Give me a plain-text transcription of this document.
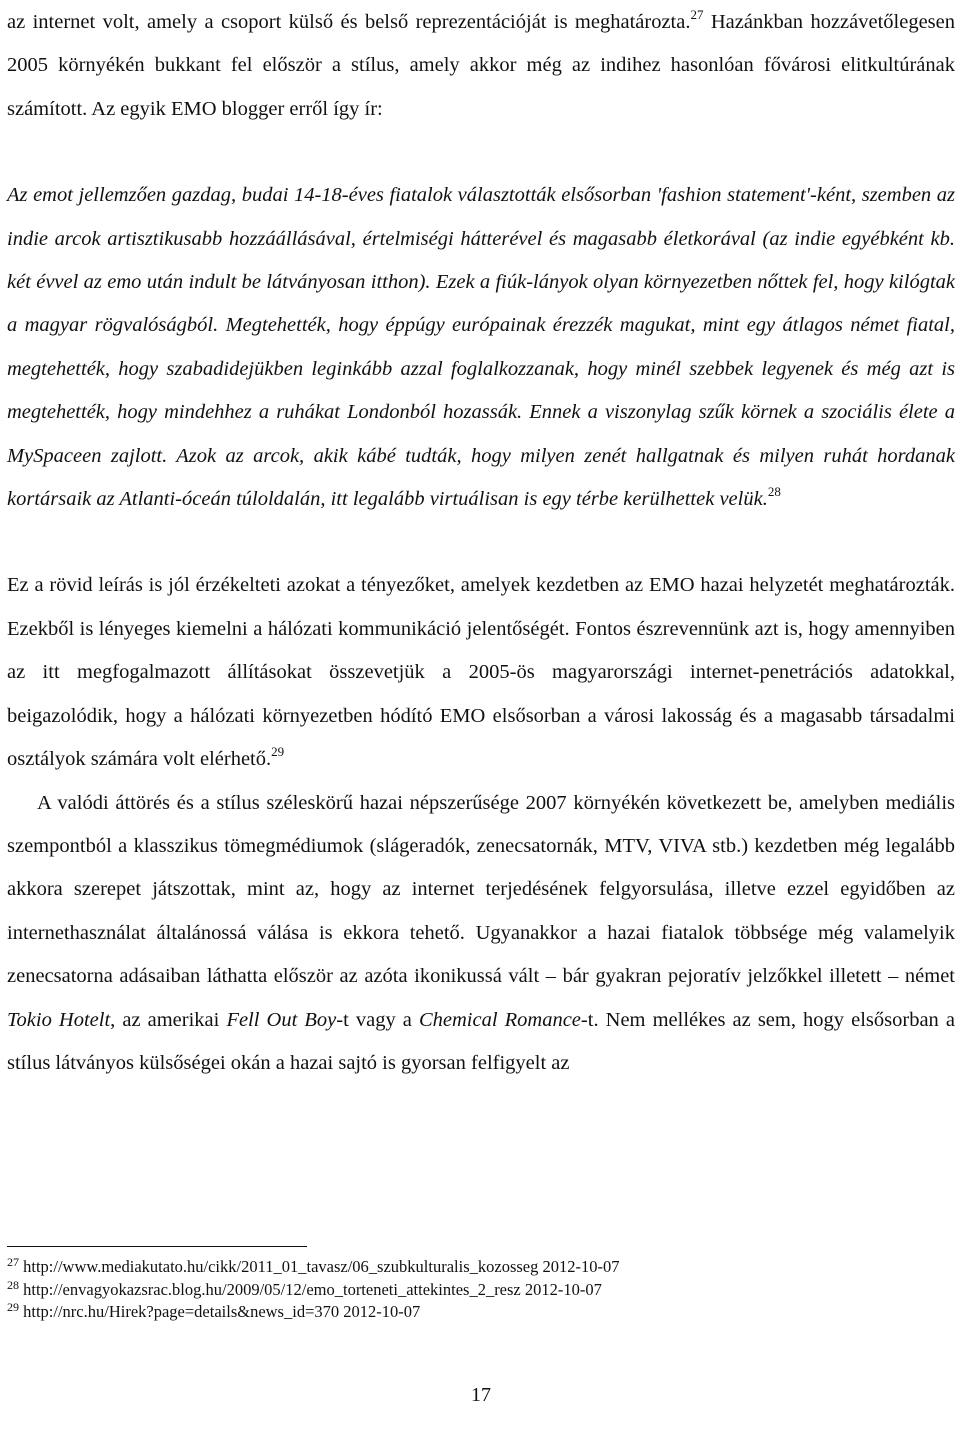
az internet volt, amely a csoport külső és belső reprezentációját is meghatározta.$^{27}$ Hazánkban hozzávetőlegesen 2005 környékén bukkant fel először a stílus, amely akkor még az indihez hasonlóan fővárosi elitkultúrának számított. Az egyik EMO blogger erről így ír:

Az emot jellemzően gazdag, budai 14-18-éves fiatalok választották elsősorban 'fashion statement'-ként, szemben az indie arcok artisztikusabb hozzáállásával, értelmiségi hátterével és magasabb életkorával (az indie egyébként kb. két évvel az emo után indult be látványosan itthon). Ezek a fiúk-lányok olyan környezetben nőttek fel, hogy kilógtak a magyar rögvalóságból. Megtehették, hogy éppúgy európainak érezzék magukat, mint egy átlagos német fiatal, megtehették, hogy szabadidejükben leginkább azzal foglalkozzanak, hogy minél szebbek legyenek és még azt is megtehették, hogy mindehhez a ruhákat Londonból hozassák. Ennek a viszonylag szűk körnek a szociális élete a MySpaceen zajlott. Azok az arcok, akik kábé tudták, hogy milyen zenét hallgatnak és milyen ruhát hordanak kortársaik az Atlanti-óceán túloldalán, itt legalább virtuálisan is egy térbe kerülhettek velük.$^{28}$

Ez a rövid leírás is jól érzékelteti azokat a tényezőket, amelyek kezdetben az EMO hazai helyzetét meghatározták. Ezekből is lényeges kiemelni a hálózati kommunikáció jelentőségét. Fontos észrevennünk azt is, hogy amennyiben az itt megfogalmazott állításokat összevetjük a 2005-ös magyarországi internet-penetrációs adatokkal, beigazolódik, hogy a hálózati környezetben hódító EMO elsősorban a városi lakosság és a magasabb társadalmi osztályok számára volt elérhető.$^{29}$

A valódi áttörés és a stílus széleskörű hazai népszerűsége 2007 környékén következett be, amelyben mediális szempontból a klasszikus tömegmédiumok (slágeradók, zenecsatornák, MTV, VIVA stb.) kezdetben még legalább akkora szerepet játszottak, mint az, hogy az internet terjedésének felgyorsulása, illetve ezzel egyidőben az internethasználat általánossá válása is ekkora tehető. Ugyanakkor a hazai fiatalok többsége még valamelyik zenecsatorna adásaiban láthatta először az azóta ikonikussá vált – bár gyakran pejoratív jelzőkkel illetett – német Tokio Hotelt, az amerikai Fell Out Boy-t vagy a Chemical Romance-t. Nem mellékes az sem, hogy elsősorban a stílus látványos külsőségei okán a hazai sajtó is gyorsan felfigyelt az

$^{27}$ http://www.mediakutato.hu/cikk/2011_01_tavasz/06_szubkulturalis_kozosseg 2012-10-07

$^{28}$ http://envagyokazsrac.blog.hu/2009/05/12/emo_torteneti_attekintes_2_resz 2012-10-07

$^{29}$ http://nrc.hu/Hirek?page=details&news_id=370 2012-10-07

17
